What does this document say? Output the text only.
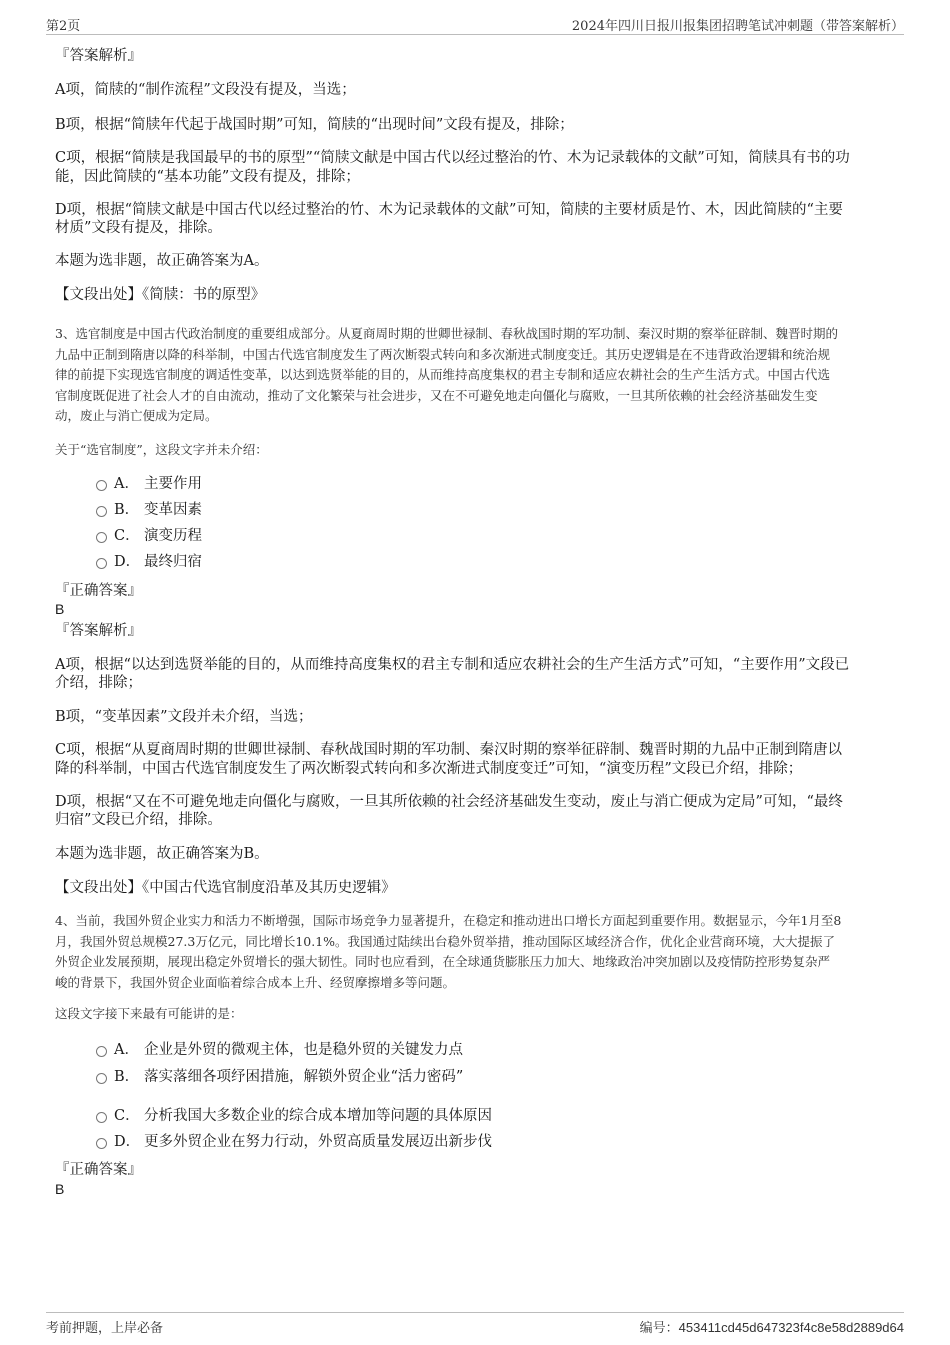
第2页	2024年四川日报川报集团招聘笔试冲刺题（带答案解析）
『答案解析』
A项，简牍的“制作流程”文段没有提及，当选；
B项，根据“简牍年代起于战国时期”可知，简牍的“出现时间”文段有提及，排除；
C项，根据“简牍是我国最早的书的原型”“简牍文献是中国古代以经过整治的竹、木为记录载体的文献”可知，简牍具有书的功
能，因此简牍的“基本功能”文段有提及，排除；
D项，根据“简牍文献是中国古代以经过整治的竹、木为记录载体的文献”可知，简牍的主要材质是竹、木，因此简牍的“主要
材质”文段有提及，排除。
本题为选非题，故正确答案为A。
【文段出处】《简牍：书的原型》
3、选官制度是中国古代政治制度的重要组成部分。从夏商周时期的世卿世禄制、春秋战国时期的军功制、秦汉时期的察举征辟制、魏晋时期的
九品中正制到隋唐以降的科举制，中国古代选官制度发生了两次断裂式转向和多次渐进式制度变迁。其历史逻辑是在不违背政治逻辑和统治规
律的前提下实现选官制度的调适性变革，以达到选贤举能的目的，从而维持高度集权的君主专制和适应农耕社会的生产生活方式。中国古代选
官制度既促进了社会人才的自由流动，推动了文化繁荣与社会进步，又在不可避免地走向僵化与腐败，一旦其所依赖的社会经济基础发生变
动，废止与消亡便成为定局。
关于“选官制度”，这段文字并未介绍：
A． 主要作用
B． 变革因素
C． 演变历程
D． 最终归宿
『正确答案』
B
『答案解析』
A项，根据“以达到选贤举能的目的，从而维持高度集权的君主专制和适应农耕社会的生产生活方式”可知，“主要作用”文段已
介绍，排除；
B项，“变革因素”文段并未介绍，当选；
C项，根据“从夏商周时期的世卿世禄制、春秋战国时期的军功制、秦汉时期的察举征辟制、魏晋时期的九品中正制到隋唐以
降的科举制，中国古代选官制度发生了两次断裂式转向和多次渐进式制度变迁”可知，“演变历程”文段已介绍，排除；
D项，根据“又在不可避免地走向僵化与腐败，一旦其所依赖的社会经济基础发生变动，废止与消亡便成为定局”可知，“最终
归宿”文段已介绍，排除。
本题为选非题，故正确答案为B。
【文段出处】《中国古代选官制度沿革及其历史逻辑》
4、当前，我国外贸企业实力和活力不断增强，国际市场竞争力显著提升，在稳定和推动进出口增长方面起到重要作用。数据显示，今年1月至8
月，我国外贸总规模27.3万亿元，同比增长10.1%。我国通过陆续出台稳外贸举措，推动国际区域经济合作，优化企业营商环境，大大提振了
外贸企业发展预期，展现出稳定外贸增长的强大韧性。同时也应看到，在全球通货膨胀压力加大、地缘政治冲突加剧以及疫情防控形势复杂严
峻的背景下，我国外贸企业面临着综合成本上升、经贸摩擦增多等问题。
这段文字接下来最有可能讲的是：
A． 企业是外贸的微观主体，也是稳外贸的关键发力点
B． 落实落细各项纾困措施，解锁外贸企业“活力密码”
C． 分析我国大多数企业的综合成本增加等问题的具体原因
D． 更多外贸企业在努力行动，外贸高质量发展迈出新步伐
『正确答案』
B
考前押题，上岸必备	编号：453411cd45d647323f4c8e58d2889d64
